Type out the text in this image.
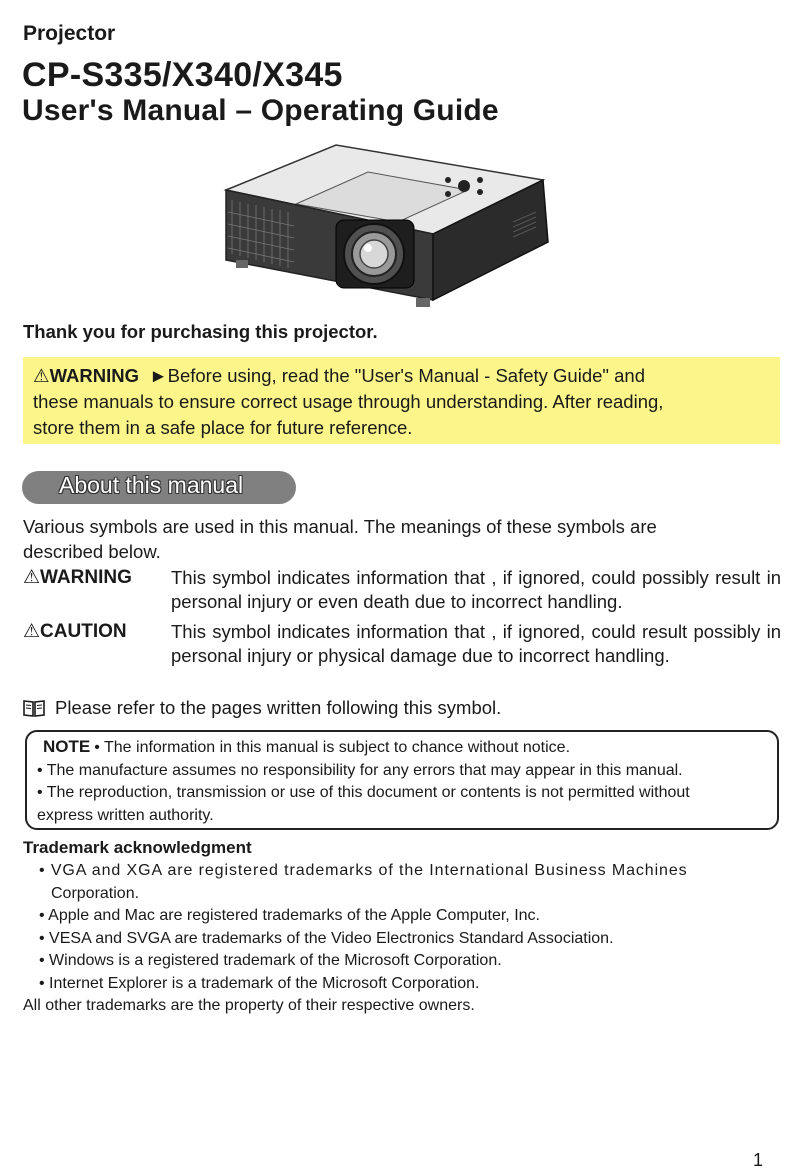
Projector
CP-S335/X340/X345
User's Manual – Operating Guide
Thank you for purchasing this projector.
⚠WARNING ►Before using, read the "User's Manual - Safety Guide" and
these manuals to ensure correct usage through understanding. After reading,
store them in a safe place for future reference.
About this manual
Various symbols are used in this manual. The meanings of these symbols are
described below.
⚠WARNING This symbol indicates information that , if ignored, could possibly result in personal injury or even death due to incorrect handling.
⚠CAUTION This symbol indicates information that , if ignored, could result possibly in personal injury or physical damage due to incorrect handling.
Please refer to the pages written following this symbol.
NOTE • The information in this manual is subject to chance without notice.
• The manufacture assumes no responsibility for any errors that may appear in this manual.
• The reproduction, transmission or use of this document or contents is not permitted without
express written authority.
Trademark acknowledgment
• VGA and XGA are registered trademarks of the International Business Machines
Corporation.
• Apple and Mac are registered trademarks of the Apple Computer, Inc.
• VESA and SVGA are trademarks of the Video Electronics Standard Association.
• Windows is a registered trademark of the Microsoft Corporation.
• Internet Explorer is a trademark of the Microsoft Corporation.
All other trademarks are the property of their respective owners.
1
